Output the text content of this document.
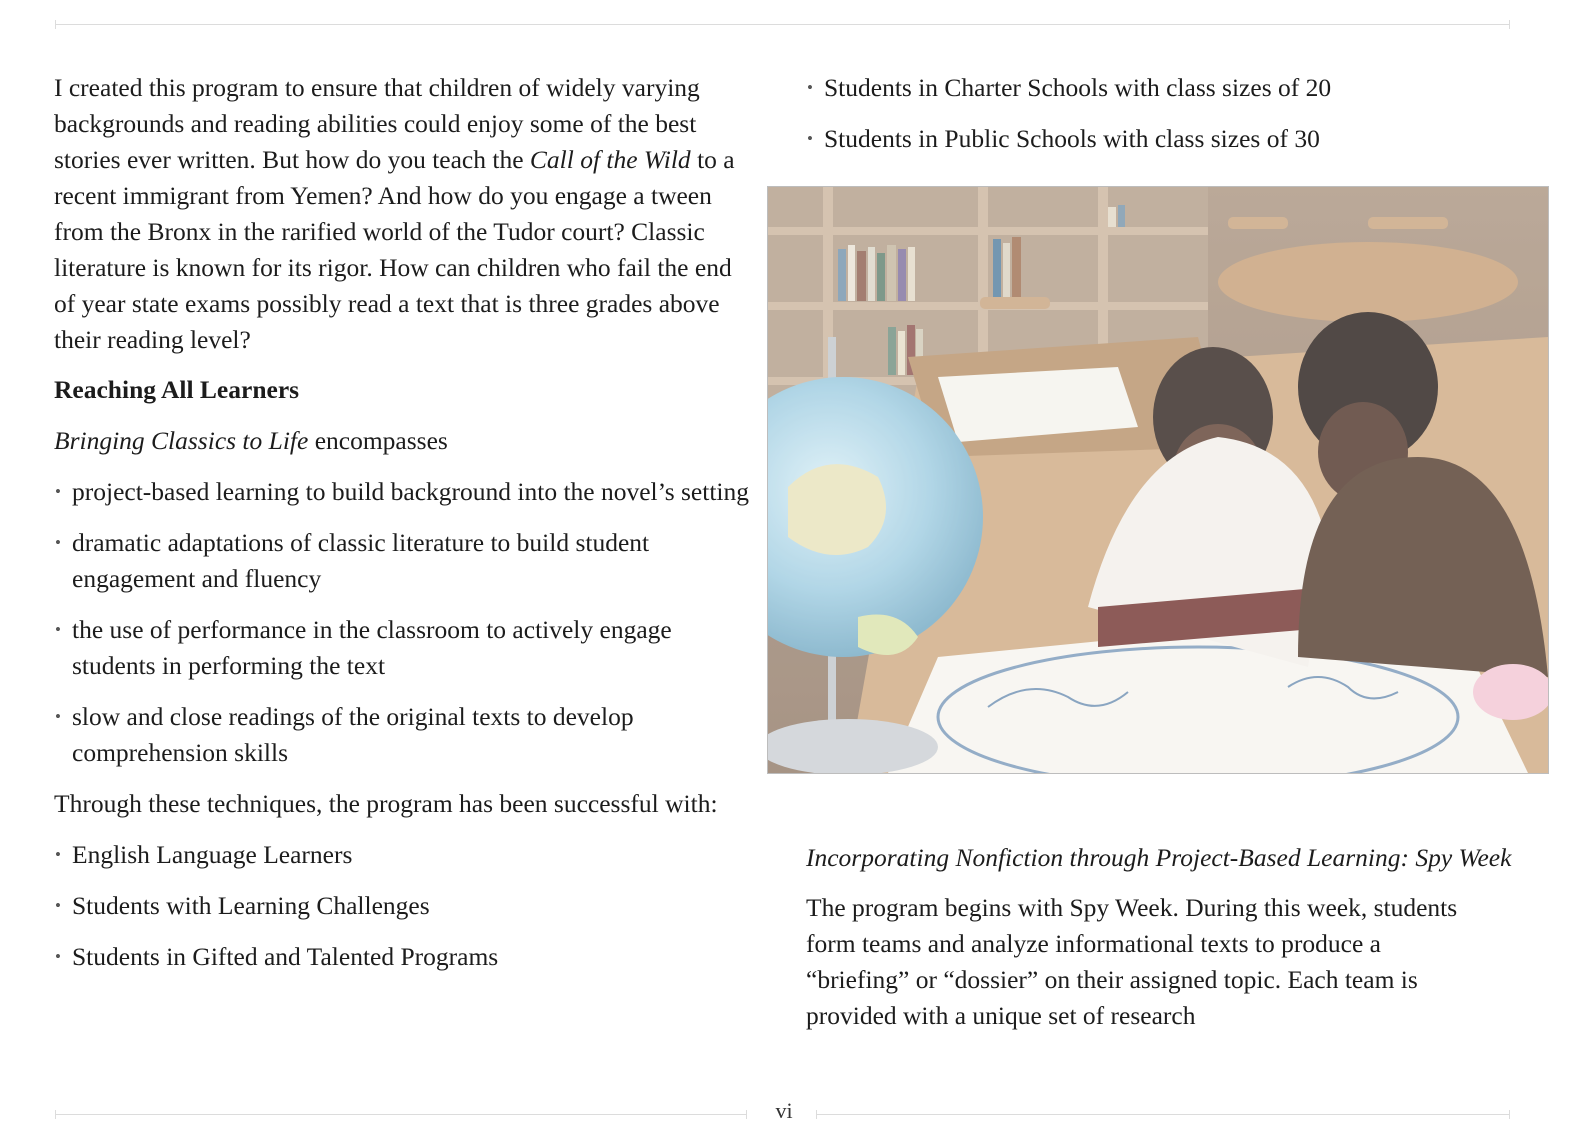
I created this program to ensure that children of widely varying backgrounds and reading abilities could enjoy some of the best stories ever written. But how do you teach the Call of the Wild to a recent immigrant from Yemen? And how do you engage a tween from the Bronx in the rarified world of the Tudor court? Classic literature is known for its rigor. How can children who fail the end of year state exams possibly read a text that is three grades above their reading level?

Reaching All Learners

Bringing Classics to Life encompasses

• project-based learning to build background into the novel’s setting
• dramatic adaptations of classic literature to build student engagement and fluency
• the use of performance in the classroom to actively engage students in performing the text
• slow and close readings of the original texts to develop comprehension skills

Through these techniques, the program has been successful with:

• English Language Learners
• Students with Learning Challenges
• Students in Gifted and Talented Programs
• Students in Charter Schools with class sizes of 20
• Students in Public Schools with class sizes of 30

Incorporating Nonfiction through Project-Based Learning: Spy Week

The program begins with Spy Week. During this week, students form teams and analyze informational texts to produce a “briefing” or “dossier” on their assigned topic. Each team is provided with a unique set of research

vi
